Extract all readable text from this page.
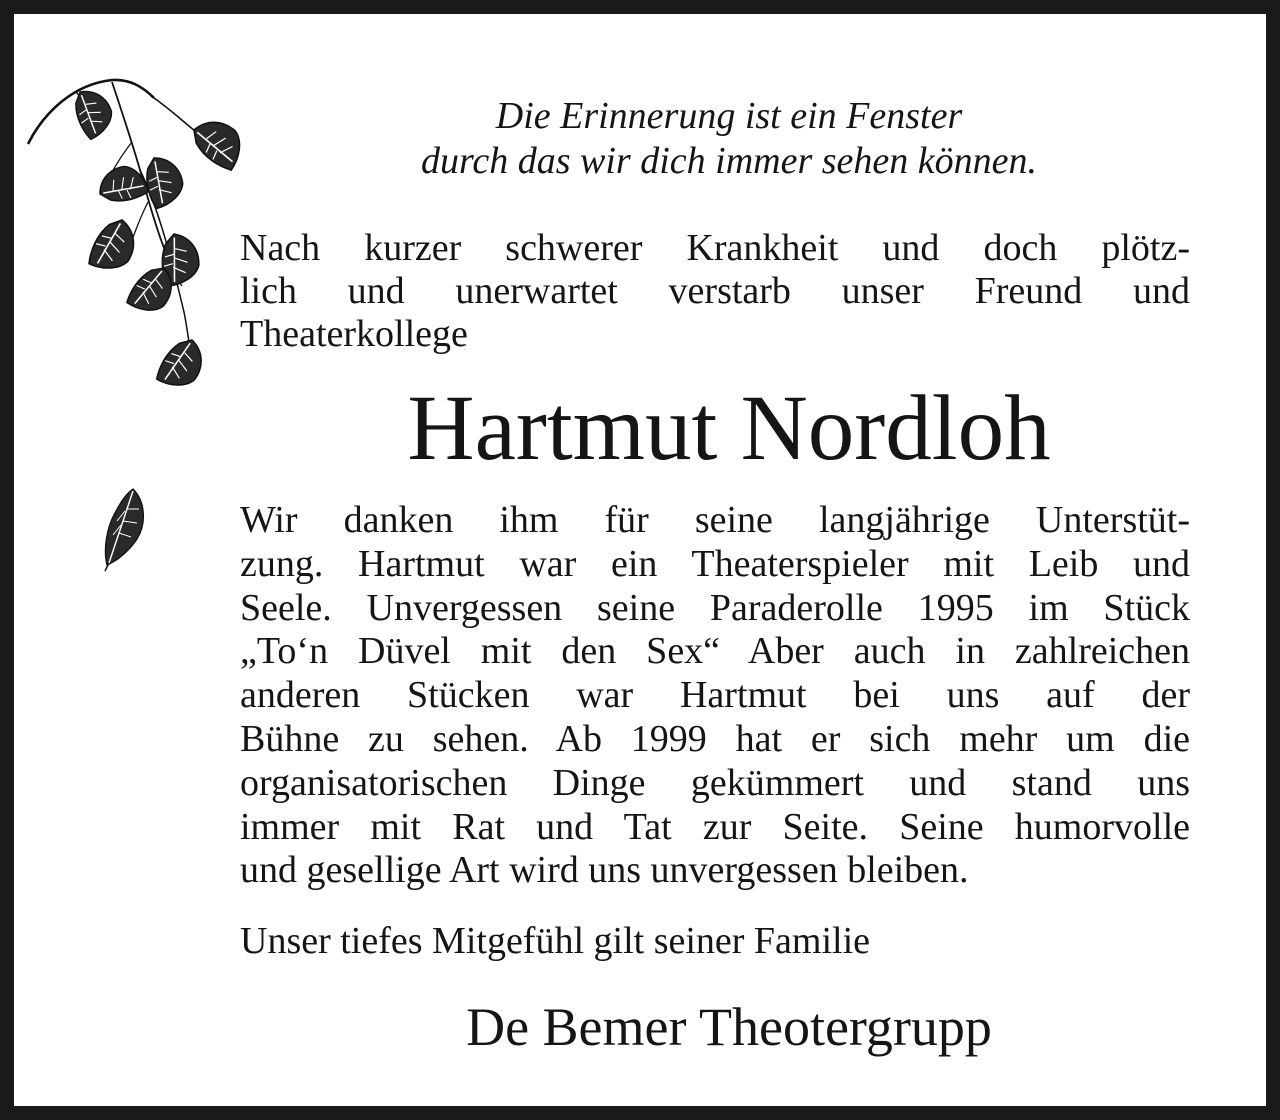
Die Erinnerung ist ein Fenster
durch das wir dich immer sehen können.
Nach kurzer schwerer Krankheit und doch plötz-
lich und unerwartet verstarb unser Freund und
Theaterkollege
Hartmut Nordloh
Wir danken ihm für seine langjährige Unterstüt-
zung. Hartmut war ein Theaterspieler mit Leib und
Seele. Unvergessen seine Paraderolle 1995 im Stück
„To‘n Düvel mit den Sex“ Aber auch in zahlreichen
anderen Stücken war Hartmut bei uns auf der
Bühne zu sehen. Ab 1999 hat er sich mehr um die
organisatorischen Dinge gekümmert und stand uns
immer mit Rat und Tat zur Seite. Seine humorvolle
und gesellige Art wird uns unvergessen bleiben.
Unser tiefes Mitgefühl gilt seiner Familie
De Bemer Theotergrupp
